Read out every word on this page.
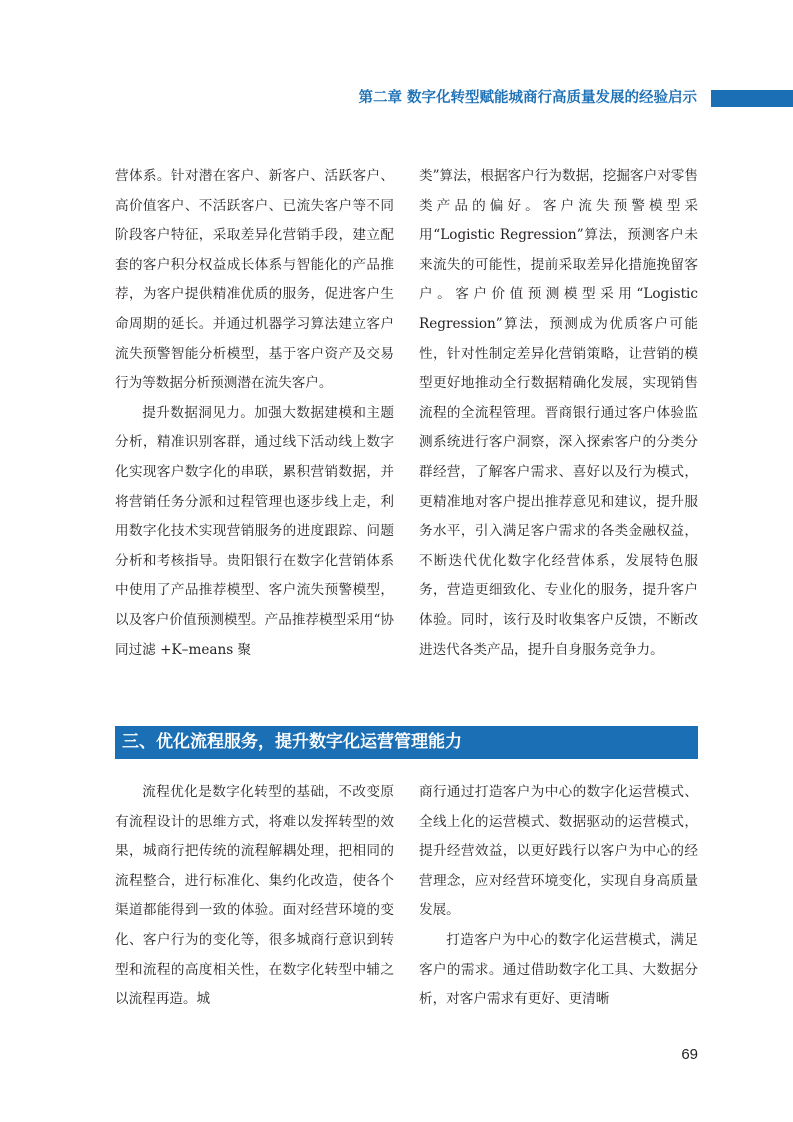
第二章 数字化转型赋能城商行高质量发展的经验启示

营体系。针对潜在客户、新客户、活跃客户、高价值客户、不活跃客户、已流失客户等不同阶段客户特征，采取差异化营销手段，建立配套的客户积分权益成长体系与智能化的产品推荐，为客户提供精准优质的服务，促进客户生命周期的延长。并通过机器学习算法建立客户流失预警智能分析模型，基于客户资产及交易行为等数据分析预测潜在流失客户。

提升数据洞见力。加强大数据建模和主题分析，精准识别客群，通过线下活动线上数字化实现客户数字化的串联，累积营销数据，并将营销任务分派和过程管理也逐步线上走，利用数字化技术实现营销服务的进度跟踪、问题分析和考核指导。贵阳银行在数字化营销体系中使用了产品推荐模型、客户流失预警模型，以及客户价值预测模型。产品推荐模型采用“协同过滤 +K–means 聚

类”算法，根据客户行为数据，挖掘客户对零售类产品的偏好。客户流失预警模型采用“Logistic Regression”算法，预测客户未来流失的可能性，提前采取差异化措施挽留客户。客户价值预测模型采用“Logistic Regression”算法，预测成为优质客户可能性，针对性制定差异化营销策略，让营销的模型更好地推动全行数据精确化发展，实现销售流程的全流程管理。晋商银行通过客户体验监测系统进行客户洞察，深入探索客户的分类分群经营，了解客户需求、喜好以及行为模式，更精准地对客户提出推荐意见和建议，提升服务水平，引入满足客户需求的各类金融权益，不断迭代优化数字化经营体系，发展特色服务，营造更细致化、专业化的服务，提升客户体验。同时，该行及时收集客户反馈，不断改进迭代各类产品，提升自身服务竞争力。

三、优化流程服务，提升数字化运营管理能力

流程优化是数字化转型的基础，不改变原有流程设计的思维方式，将难以发挥转型的效果，城商行把传统的流程解耦处理，把相同的流程整合，进行标准化、集约化改造，使各个渠道都能得到一致的体验。面对经营环境的变化、客户行为的变化等，很多城商行意识到转型和流程的高度相关性，在数字化转型中辅之以流程再造。城

商行通过打造客户为中心的数字化运营模式、全线上化的运营模式、数据驱动的运营模式，提升经营效益，以更好践行以客户为中心的经营理念，应对经营环境变化，实现自身高质量发展。

打造客户为中心的数字化运营模式，满足客户的需求。通过借助数字化工具、大数据分析，对客户需求有更好、更清晰

69
